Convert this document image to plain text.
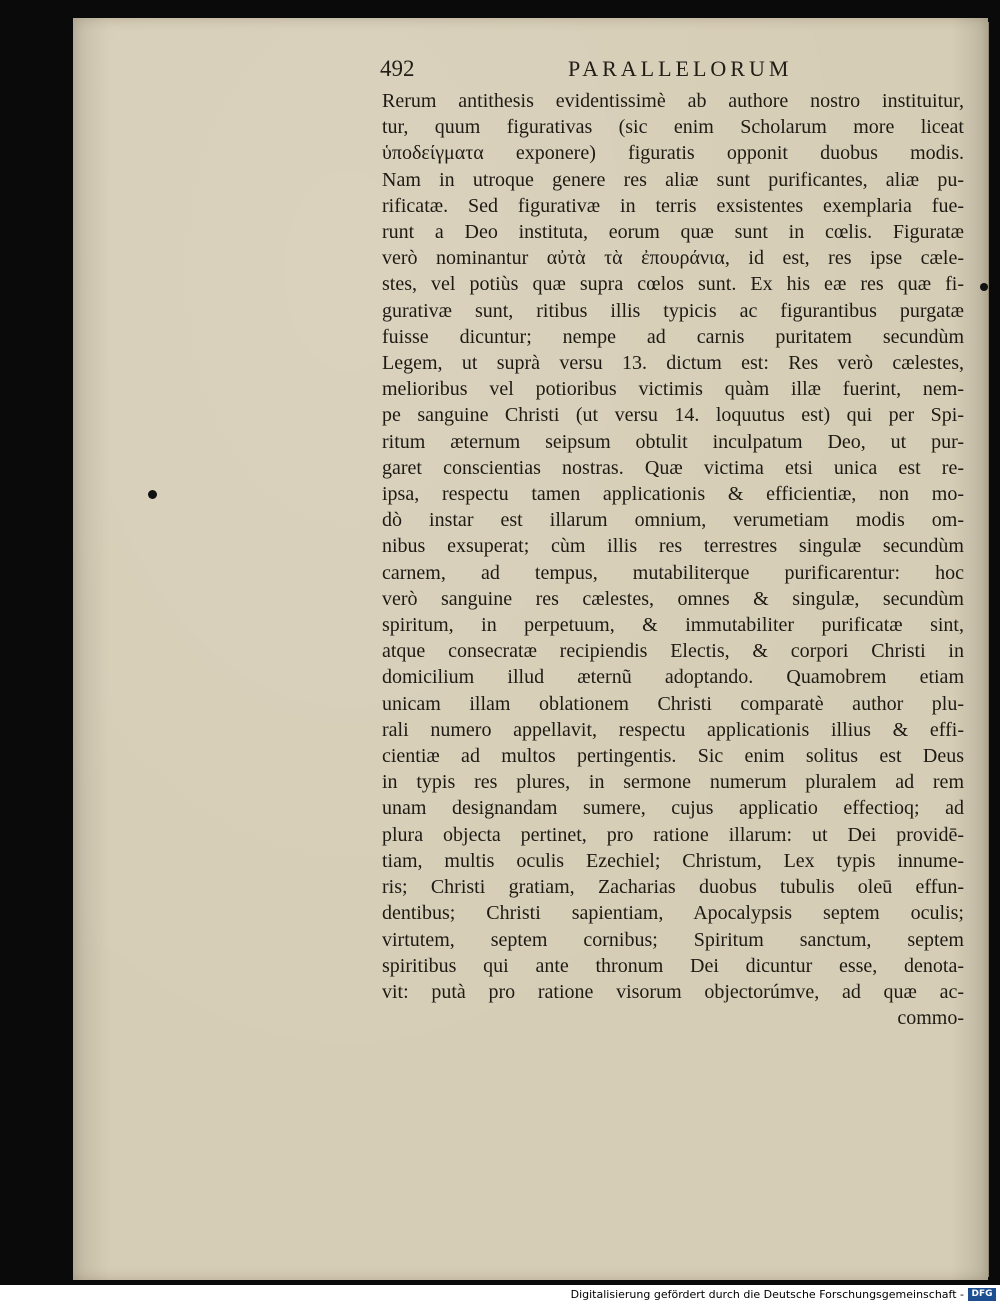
492	PARALLELORUM
Rerum antithesis evidentissimè ab authore nostro instituitur,
tur, quum figurativas (sic enim Scholarum more liceat
ὑποδείγματα exponere) figuratis opponit duobus modis.
Nam in utroque genere res aliæ sunt purificantes, aliæ pu-
rificatæ. Sed figurativæ in terris exsistentes exemplaria fue-
runt a Deo instituta, eorum quæ sunt in cœlis. Figuratæ
verò nominantur αὐτὰ τὰ ἐπουράνια, id est, res ipse cæle-
stes, vel potiùs quæ supra cœlos sunt. Ex his eæ res quæ fi-
gurativæ sunt, ritibus illis typicis ac figurantibus purgatæ
fuisse dicuntur; nempe ad carnis puritatem secundùm
Legem, ut suprà versu 13. dictum est: Res verò cælestes,
melioribus vel potioribus victimis quàm illæ fuerint, nem-
pe sanguine Christi (ut versu 14. loquutus est) qui per Spi-
ritum æternum seipsum obtulit inculpatum Deo, ut pur-
garet conscientias nostras. Quæ victima etsi unica est re-
ipsa, respectu tamen applicationis & efficientiæ, non mo-
dò instar est illarum omnium, verumetiam modis om-
nibus exsuperat; cùm illis res terrestres singulæ secundùm
carnem, ad tempus, mutabiliterque purificarentur: hoc
verò sanguine res cælestes, omnes & singulæ, secundùm
spiritum, in perpetuum, & immutabiliter purificatæ sint,
atque consecratæ recipiendis Electis, & corpori Christi in
domicilium illud æternũ adoptando. Quamobrem etiam
unicam illam oblationem Christi comparatè author plu-
rali numero appellavit, respectu applicationis illius & effi-
cientiæ ad multos pertingentis. Sic enim solitus est Deus
in typis res plures, in sermone numerum pluralem ad rem
unam designandam sumere, cujus applicatio effectioq; ad
plura objecta pertinet, pro ratione illarum: ut Dei providē-
tiam, multis oculis Ezechiel; Christum, Lex typis innume-
ris; Christi gratiam, Zacharias duobus tubulis oleū effun-
dentibus; Christi sapientiam, Apocalypsis septem oculis;
virtutem, septem cornibus; Spiritum sanctum, septem
spiritibus qui ante thronum Dei dicuntur esse, denota-
vit: putà pro ratione visorum objectorúmve, ad quæ ac-
commo-
Digitalisierung gefördert durch die Deutsche Forschungsgemeinschaft - DFG
